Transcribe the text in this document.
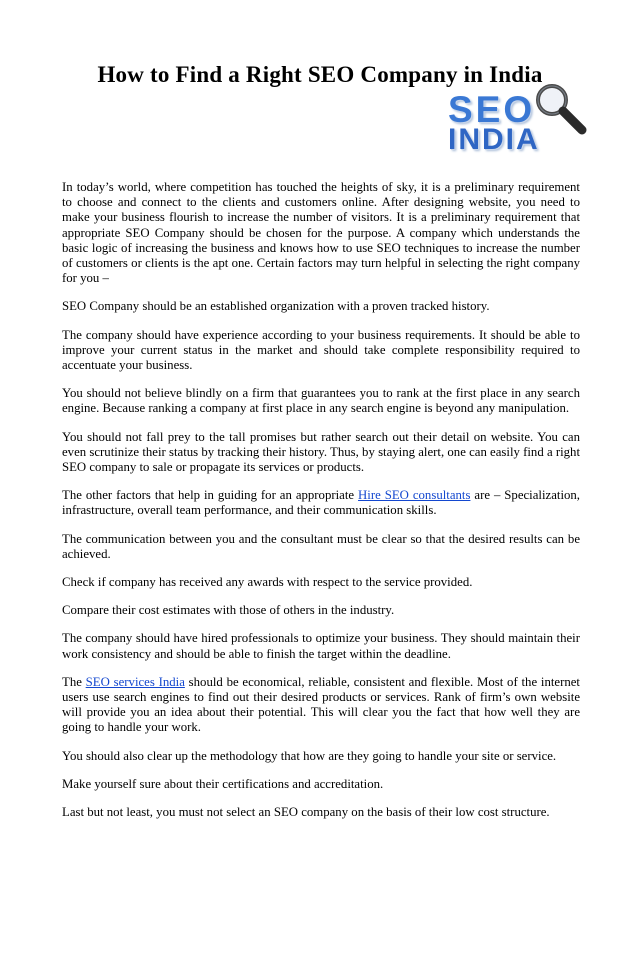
How to Find a Right SEO Company in India
SEO
INDIA

In today’s world, where competition has touched the heights of sky, it is a preliminary requirement to choose and connect to the clients and customers online. After designing website, you need to make your business flourish to increase the number of visitors. It is a preliminary requirement that appropriate SEO Company should be chosen for the purpose. A company which understands the basic logic of increasing the business and knows how to use SEO techniques to increase the number of customers or clients is the apt one. Certain factors may turn helpful in selecting the right company for you –

SEO Company should be an established organization with a proven tracked history.

The company should have experience according to your business requirements. It should be able to improve your current status in the market and should take complete responsibility required to accentuate your business.

You should not believe blindly on a firm that guarantees you to rank at the first place in any search engine. Because ranking a company at first place in any search engine is beyond any manipulation.

You should not fall prey to the tall promises but rather search out their detail on website. You can even scrutinize their status by tracking their history. Thus, by staying alert, one can easily find a right SEO company to sale or propagate its services or products.

The other factors that help in guiding for an appropriate Hire SEO consultants are – Specialization, infrastructure, overall team performance, and their communication skills.

The communication between you and the consultant must be clear so that the desired results can be achieved.

Check if company has received any awards with respect to the service provided.

Compare their cost estimates with those of others in the industry.

The company should have hired professionals to optimize your business. They should maintain their work consistency and should be able to finish the target within the deadline.

The SEO services India should be economical, reliable, consistent and flexible. Most of the internet users use search engines to find out their desired products or services. Rank of firm’s own website will provide you an idea about their potential. This will clear you the fact that how well they are going to handle your work.

You should also clear up the methodology that how are they going to handle your site or service.

Make yourself sure about their certifications and accreditation.

Last but not least, you must not select an SEO company on the basis of their low cost structure.
